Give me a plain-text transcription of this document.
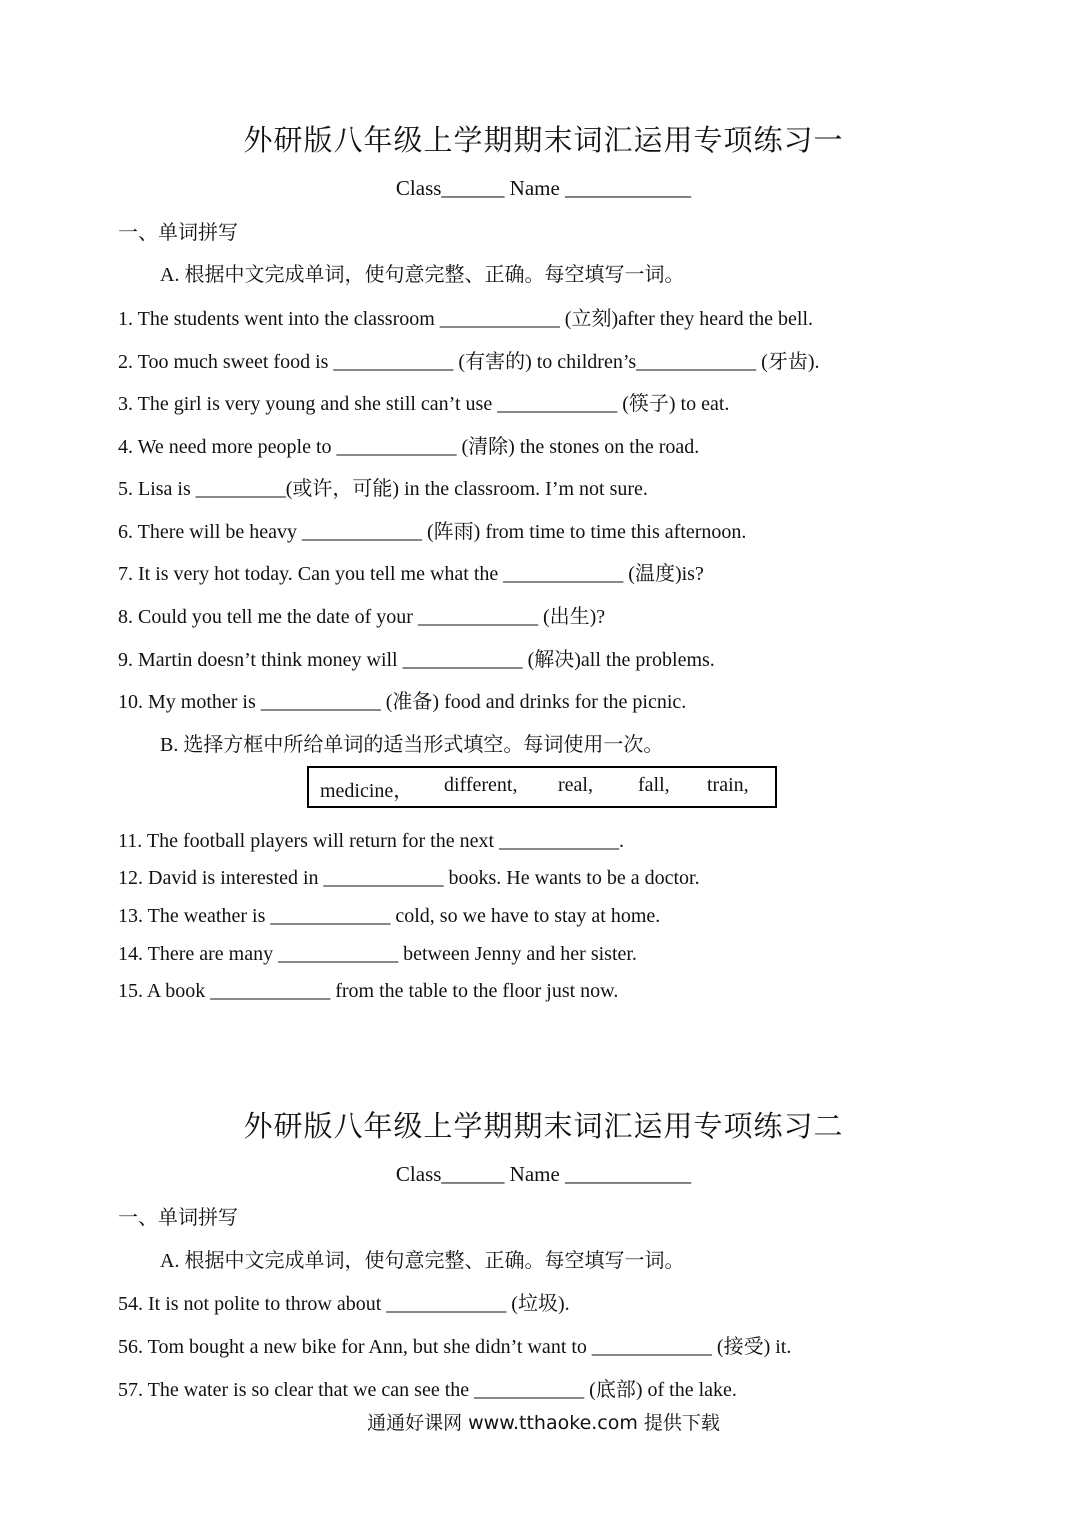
外研版八年级上学期期末词汇运用专项练习一
Class______ Name ____________
一、单词拼写
A. 根据中文完成单词，使句意完整、正确。每空填写一词。
1. The students went into the classroom ____________ (立刻)after they heard the bell.
2. Too much sweet food is ____________ (有害的) to children’s____________ (牙齿).
3. The girl is very young and she still can’t use ____________ (筷子) to eat.
4. We need more people to ____________ (清除) the stones on the road.
5. Lisa is _________(或许，可能) in the classroom. I’m not sure.
6. There will be heavy ____________ (阵雨) from time to time this afternoon.
7. It is very hot today. Can you tell me what the ____________ (温度)is?
8. Could you tell me the date of your ____________ (出生)?
9. Martin doesn’t think money will ____________ (解决)all the problems.
10. My mother is ____________ (准备) food and drinks for the picnic.
B. 选择方框中所给单词的适当形式填空。每词使用一次。
medicine， different, real, fall, train,
11. The football players will return for the next ____________.
12. David is interested in ____________ books. He wants to be a doctor.
13. The weather is ____________ cold, so we have to stay at home.
14. There are many ____________ between Jenny and her sister.
15. A book ____________ from the table to the floor just now.
外研版八年级上学期期末词汇运用专项练习二
Class______ Name ____________
一、单词拼写
A. 根据中文完成单词，使句意完整、正确。每空填写一词。
54. It is not polite to throw about ____________ (垃圾).
56. Tom bought a new bike for Ann, but she didn’t want to ____________ (接受) it.
57. The water is so clear that we can see the ___________ (底部) of the lake.
通通好课网 www.tthaoke.com 提供下载
